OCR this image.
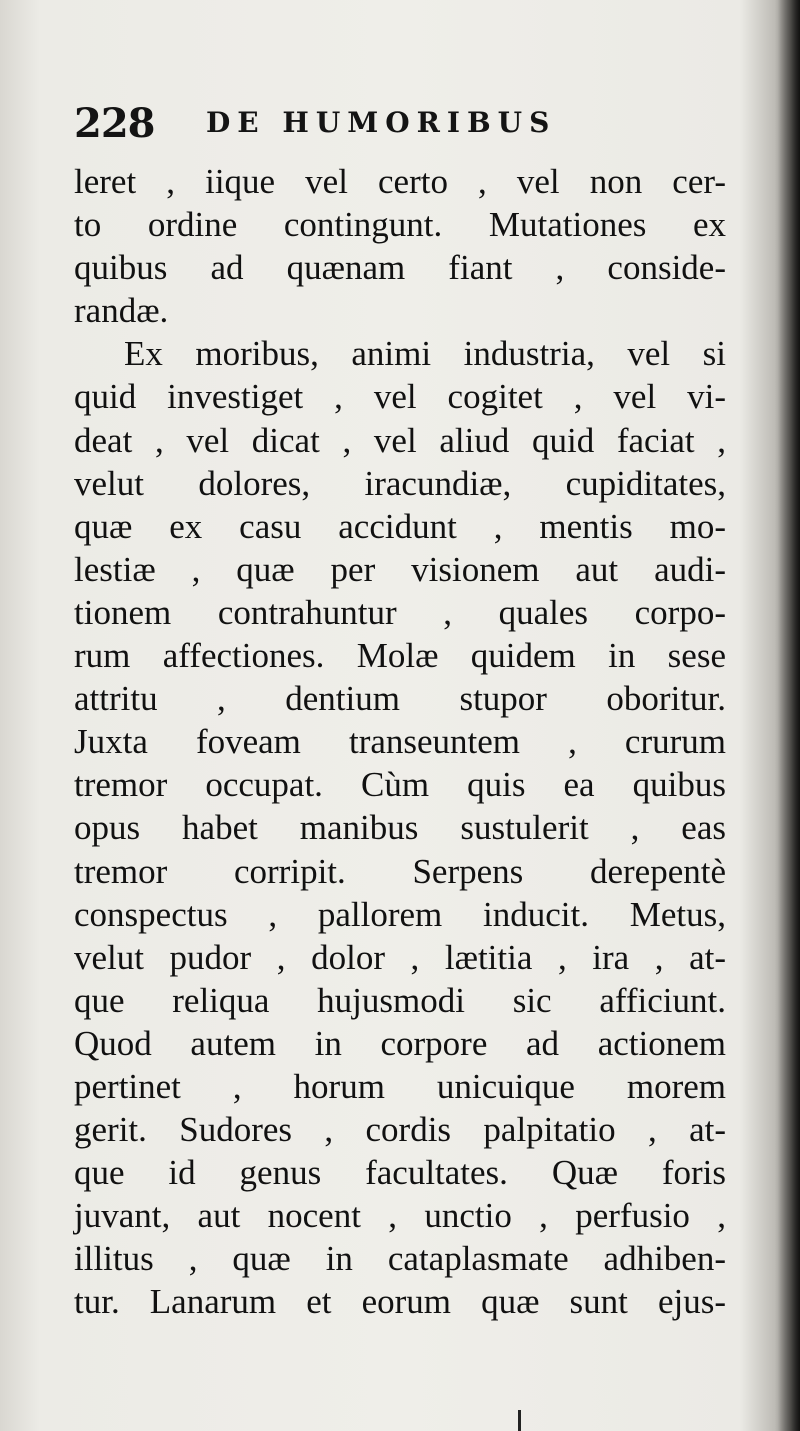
228 DE HUMORIBUS
leret , iique vel certo , vel non cer-
to ordine contingunt. Mutationes ex
quibus ad quænam fiant , conside-
randæ.
Ex moribus, animi industria, vel si
quid investiget , vel cogitet , vel vi-
deat , vel dicat , vel aliud quid faciat ,
velut dolores, iracundiæ, cupiditates,
quæ ex casu accidunt , mentis mo-
lestiæ , quæ per visionem aut audi-
tionem contrahuntur , quales corpo-
rum affectiones. Molæ quidem in sese
attritu , dentium stupor oboritur.
Juxta foveam transeuntem , crurum
tremor occupat. Cùm quis ea quibus
opus habet manibus sustulerit , eas
tremor corripit. Serpens derepentè
conspectus , pallorem inducit. Metus,
velut pudor , dolor , lætitia , ira , at-
que reliqua hujusmodi sic afficiunt.
Quod autem in corpore ad actionem
pertinet , horum unicuique morem
gerit. Sudores , cordis palpitatio , at-
que id genus facultates. Quæ foris
juvant, aut nocent , unctio , perfusio ,
illitus , quæ in cataplasmate adhiben-
tur. Lanarum et eorum quæ sunt ejus-
